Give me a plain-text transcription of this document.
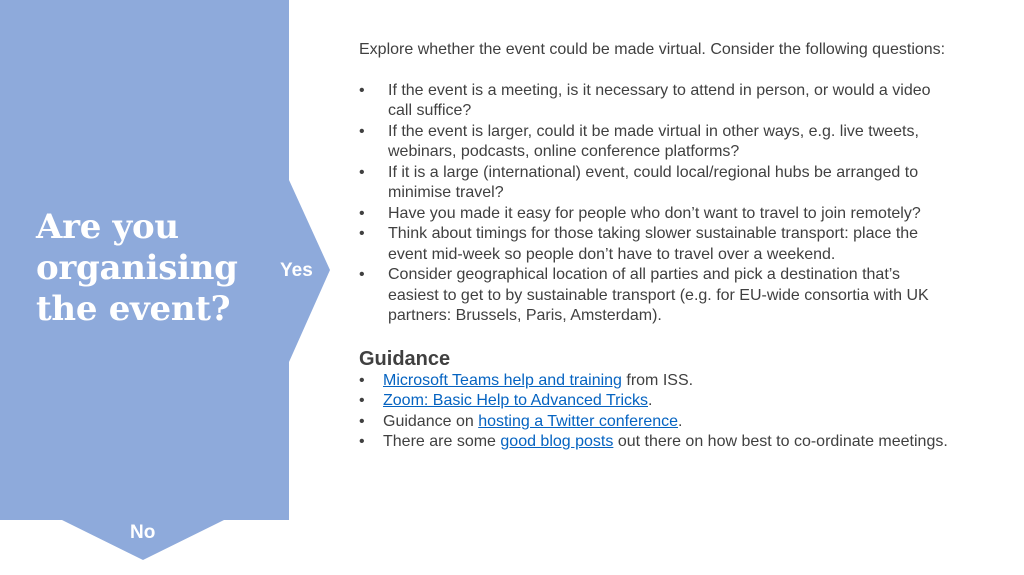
Are you organising the event?
Yes
No

Explore whether the event could be made virtual. Consider the following questions:

• If the event is a meeting, is it necessary to attend in person, or would a video call suffice?
• If the event is larger, could it be made virtual in other ways, e.g. live tweets, webinars, podcasts, online conference platforms?
• If it is a large (international) event, could local/regional hubs be arranged to minimise travel?
• Have you made it easy for people who don’t want to travel to join remotely?
• Think about timings for those taking slower sustainable transport: place the event mid-week so people don’t have to travel over a weekend.
• Consider geographical location of all parties and pick a destination that’s easiest to get to by sustainable transport (e.g. for EU-wide consortia with UK partners: Brussels, Paris, Amsterdam).
Guidance
• Microsoft Teams help and training from ISS.
• Zoom: Basic Help to Advanced Tricks.
• Guidance on hosting a Twitter conference.
• There are some good blog posts out there on how best to co-ordinate meetings.
